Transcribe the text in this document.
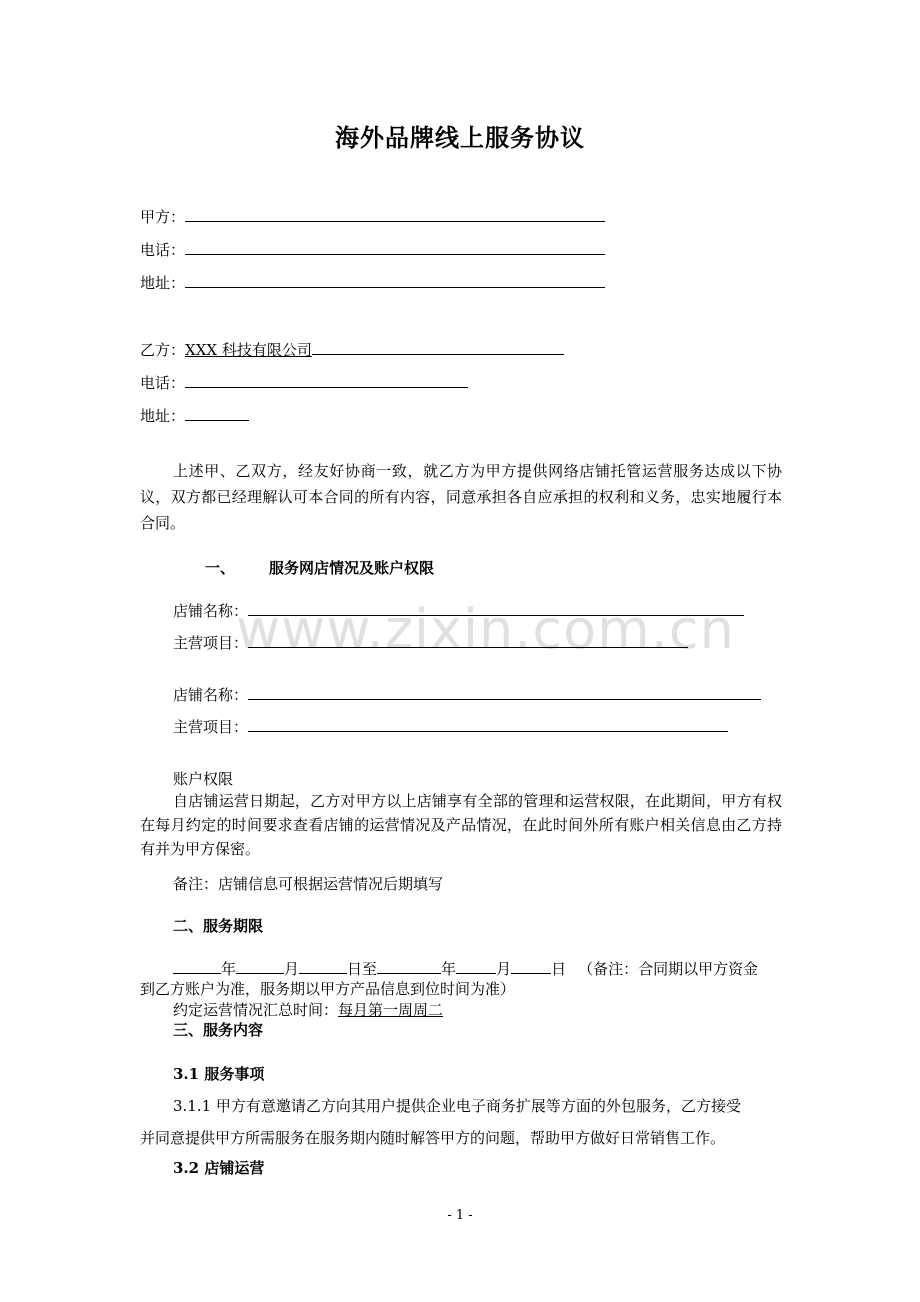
海外品牌线上服务协议
甲方：
电话：
地址：
乙方：XXX 科技有限公司
电话：
地址：
上述甲、乙双方，经友好协商一致，就乙方为甲方提供网络店铺托管运营服务达成以下协议，双方都已经理解认可本合同的所有内容，同意承担各自应承担的权利和义务，忠实地履行本合同。
一、 服务网店情况及账户权限
店铺名称：
主营项目：
店铺名称：
主营项目：
账户权限
自店铺运营日期起，乙方对甲方以上店铺享有全部的管理和运营权限，在此期间，甲方有权在每月约定的时间要求查看店铺的运营情况及产品情况，在此时间外所有账户相关信息由乙方持有并为甲方保密。
备注：店铺信息可根据运营情况后期填写
二、服务期限
年	月	日至	年	月	日 （备注：合同期以甲方资金
到乙方账户为准，服务期以甲方产品信息到位时间为准）
约定运营情况汇总时间：每月第一周周二
三、服务内容
3.1 服务事项
3.1.1 甲方有意邀请乙方向其用户提供企业电子商务扩展等方面的外包服务，乙方接受
并同意提供甲方所需服务在服务期内随时解答甲方的问题，帮助甲方做好日常销售工作。
3.2 店铺运营
www.zixin.com.cn
- 1 -
